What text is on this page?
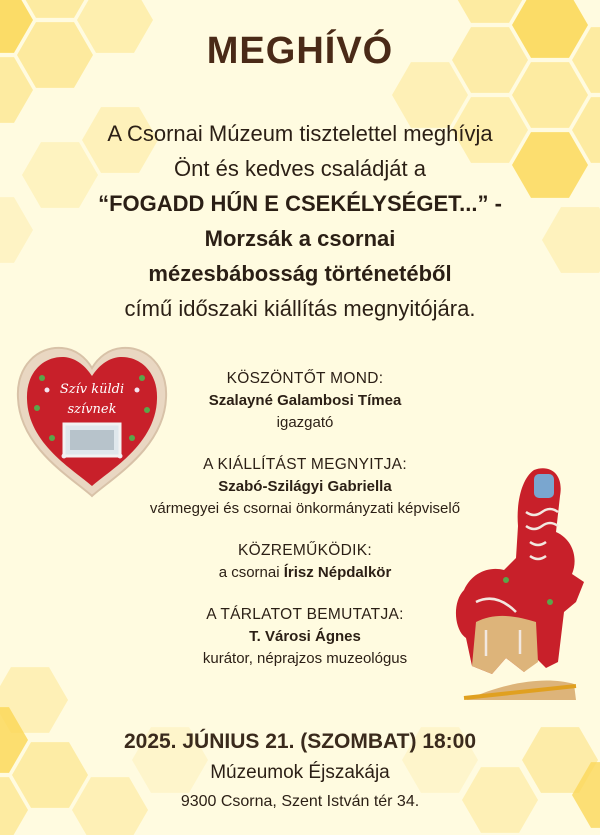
Szív küldi
szívnek
MEGHÍVÓ
A Csornai Múzeum tisztelettel meghívja
Önt és kedves családját a
“FOGADD HŰN E CSEKÉLYSÉGET...” -
Morzsák a csornai
mézesbábosság történetéből
című időszaki kiállítás megnyitójára.
KÖSZÖNTŐT MOND:
Szalayné Galambosi Tímea
igazgató
A KIÁLLÍTÁST MEGNYITJA:
Szabó-Szilágyi Gabriella
vármegyei és csornai önkormányzati képviselő
KÖZREMŰKÖDIK:
a csornai Írisz Népdalkör
A TÁRLATOT BEMUTATJA:
T. Városi Ágnes
kurátor, néprajzos muzeológus
2025. JÚNIUS 21. (SZOMBAT) 18:00
Múzeumok Éjszakája
9300 Csorna, Szent István tér 34.
